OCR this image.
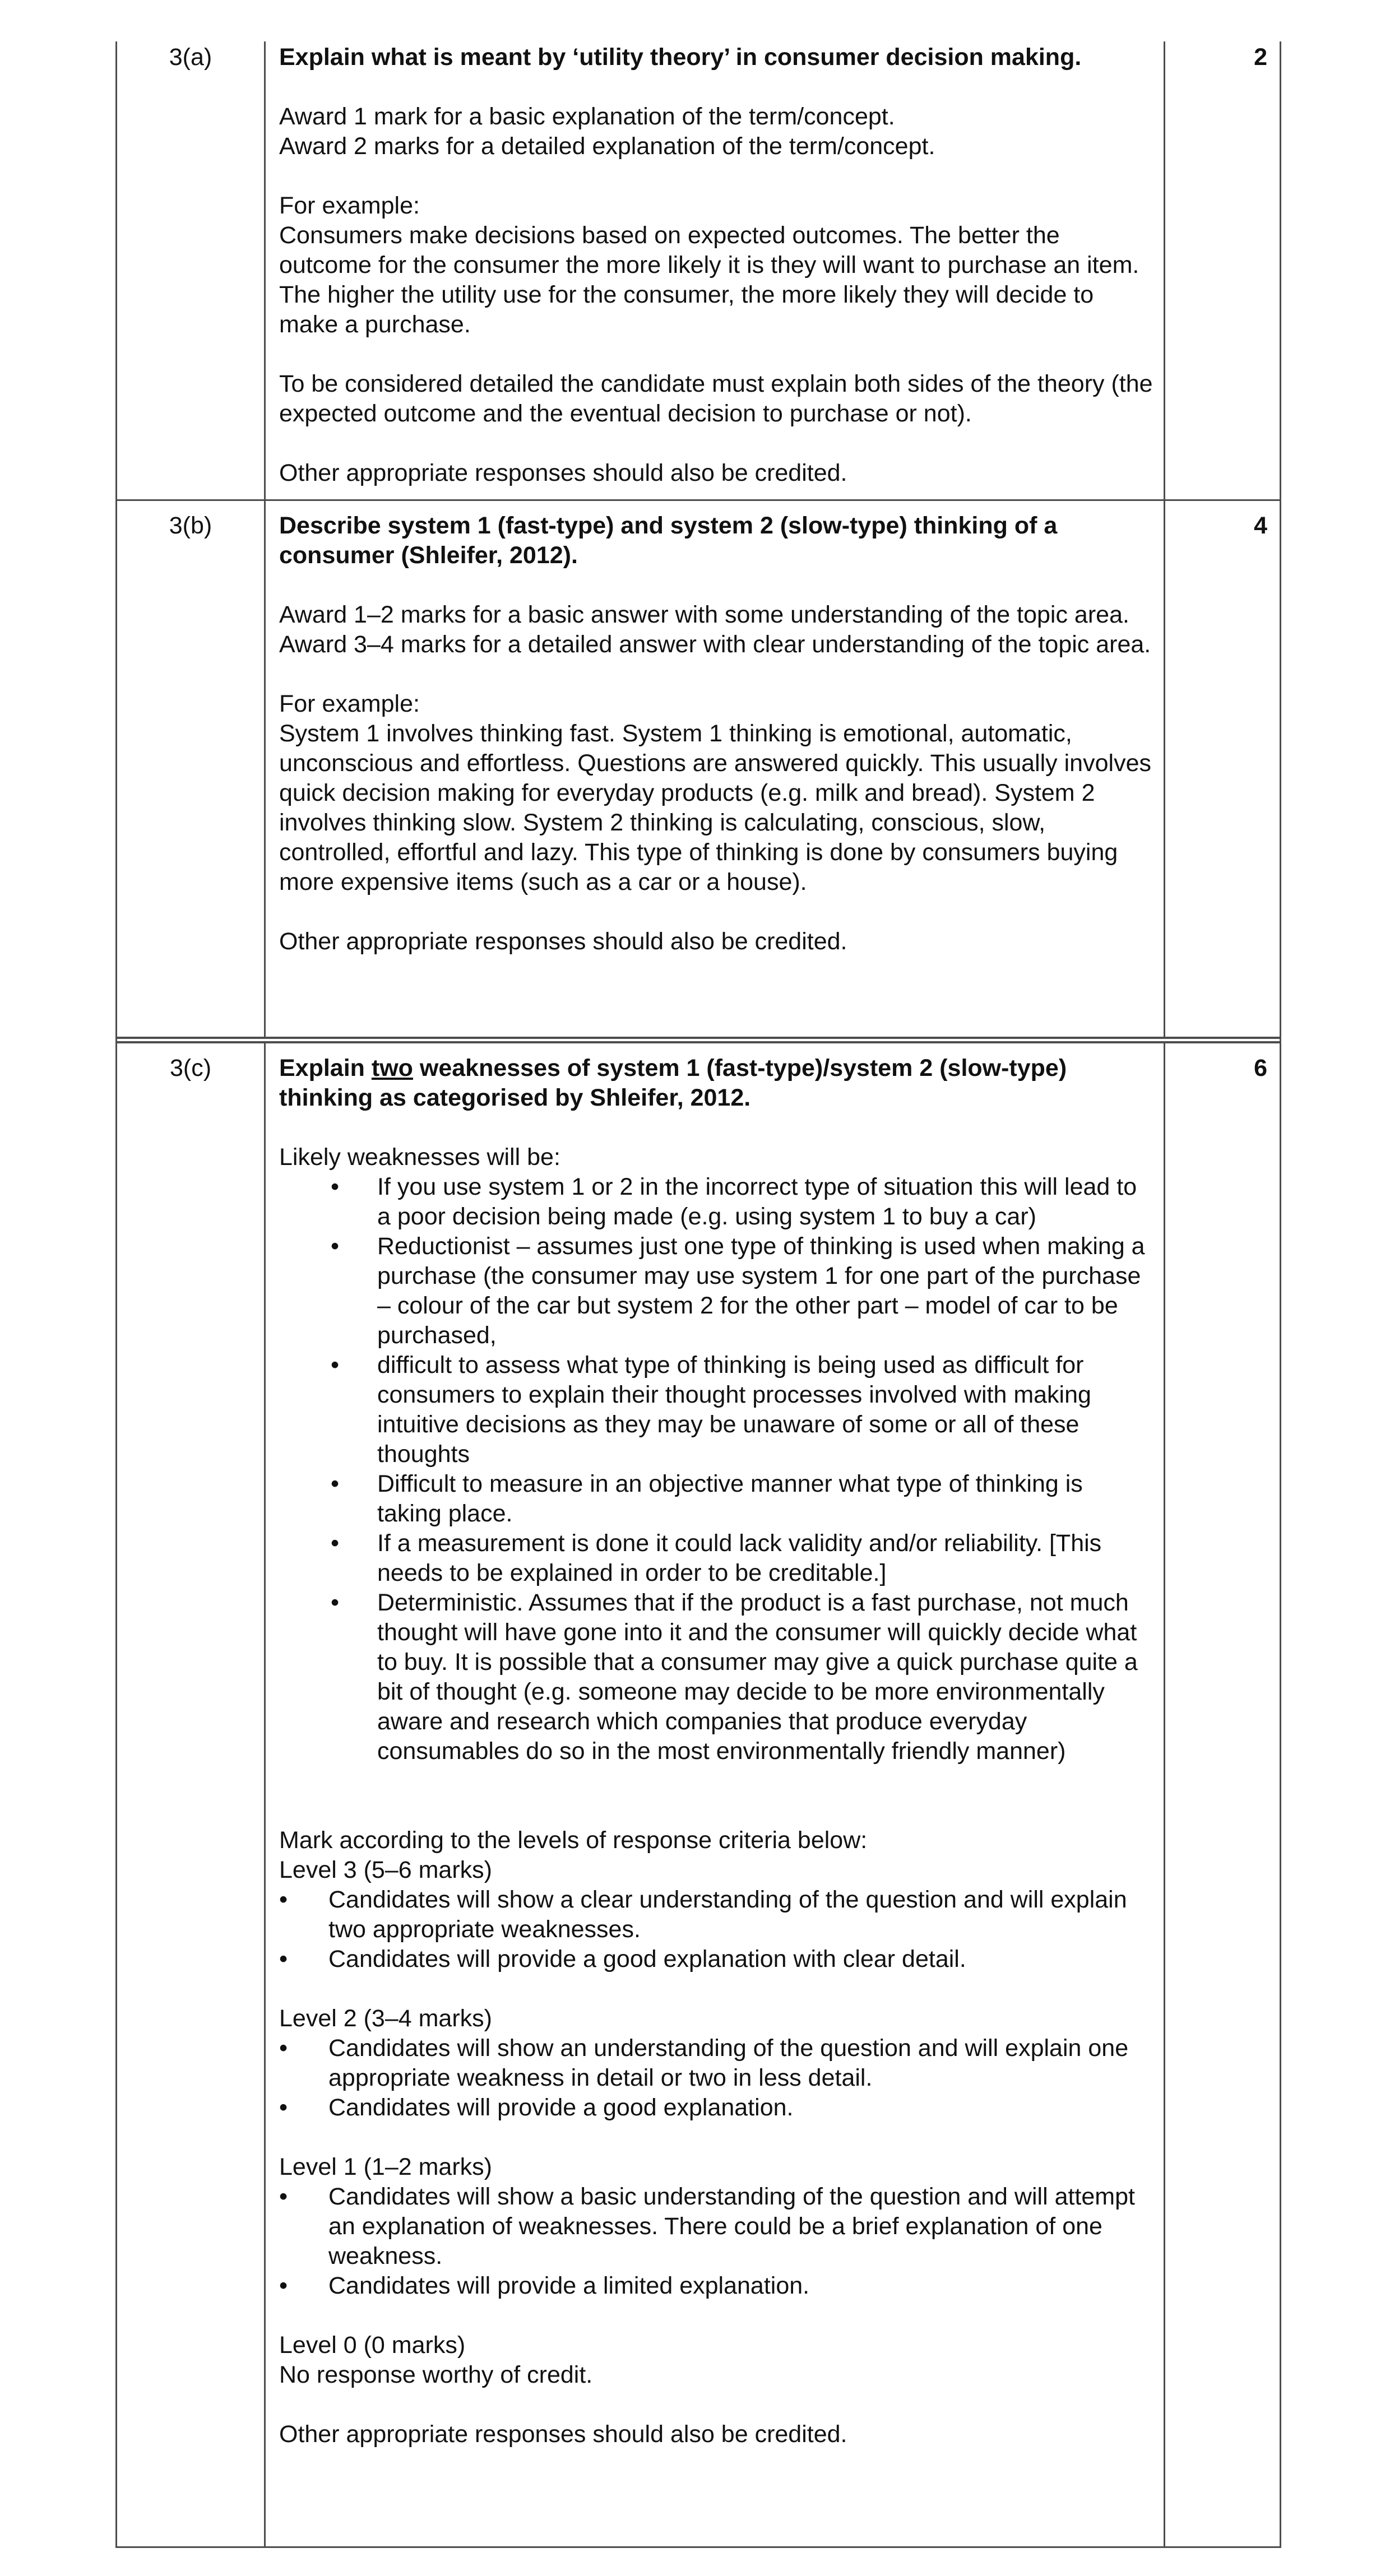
3(a)	Explain what is meant by ‘utility theory’ in consumer decision making.

Award 1 mark for a basic explanation of the term/concept.

Award 2 marks for a detailed explanation of the term/concept.

For example:

Consumers make decisions based on expected outcomes. The better the outcome for the consumer the more likely it is they will want to purchase an item. The higher the utility use for the consumer, the more likely they will decide to make a purchase.

To be considered detailed the candidate must explain both sides of the theory (the expected outcome and the eventual decision to purchase or not).

Other appropriate responses should also be credited.

2
3(b)	Describe system 1 (fast-type) and system 2 (slow-type) thinking of a consumer (Shleifer, 2012).

Award 1–2 marks for a basic answer with some understanding of the topic area.

Award 3–4 marks for a detailed answer with clear understanding of the topic area.

For example:

System 1 involves thinking fast. System 1 thinking is emotional, automatic, unconscious and effortless. Questions are answered quickly. This usually involves quick decision making for everyday products (e.g. milk and bread). System 2 involves thinking slow. System 2 thinking is calculating, conscious, slow, controlled, effortful and lazy. This type of thinking is done by consumers buying more expensive items (such as a car or a house).

Other appropriate responses should also be credited.

4
3(c)	Explain two weaknesses of system 1 (fast-type)/system 2 (slow-type) thinking as categorised by Shleifer, 2012.

Likely weaknesses will be:

• If you use system 1 or 2 in the incorrect type of situation this will lead to a poor decision being made (e.g. using system 1 to buy a car)
• Reductionist – assumes just one type of thinking is used when making a purchase (the consumer may use system 1 for one part of the purchase – colour of the car but system 2 for the other part – model of car to be purchased,
• difficult to assess what type of thinking is being used as difficult for consumers to explain their thought processes involved with making intuitive decisions as they may be unaware of some or all of these thoughts
• Difficult to measure in an objective manner what type of thinking is taking place.
• If a measurement is done it could lack validity and/or reliability. [This needs to be explained in order to be creditable.]
• Deterministic. Assumes that if the product is a fast purchase, not much thought will have gone into it and the consumer will quickly decide what to buy. It is possible that a consumer may give a quick purchase quite a bit of thought (e.g. someone may decide to be more environmentally aware and research which companies that produce everyday consumables do so in the most environmentally friendly manner)

Mark according to the levels of response criteria below:

Level 3 (5–6 marks)

• Candidates will show a clear understanding of the question and will explain two appropriate weaknesses.
• Candidates will provide a good explanation with clear detail.

Level 2 (3–4 marks)

• Candidates will show an understanding of the question and will explain one appropriate weakness in detail or two in less detail.
• Candidates will provide a good explanation.

Level 1 (1–2 marks)

• Candidates will show a basic understanding of the question and will attempt an explanation of weaknesses. There could be a brief explanation of one weakness.
• Candidates will provide a limited explanation.

Level 0 (0 marks)

No response worthy of credit.

Other appropriate responses should also be credited.

6
